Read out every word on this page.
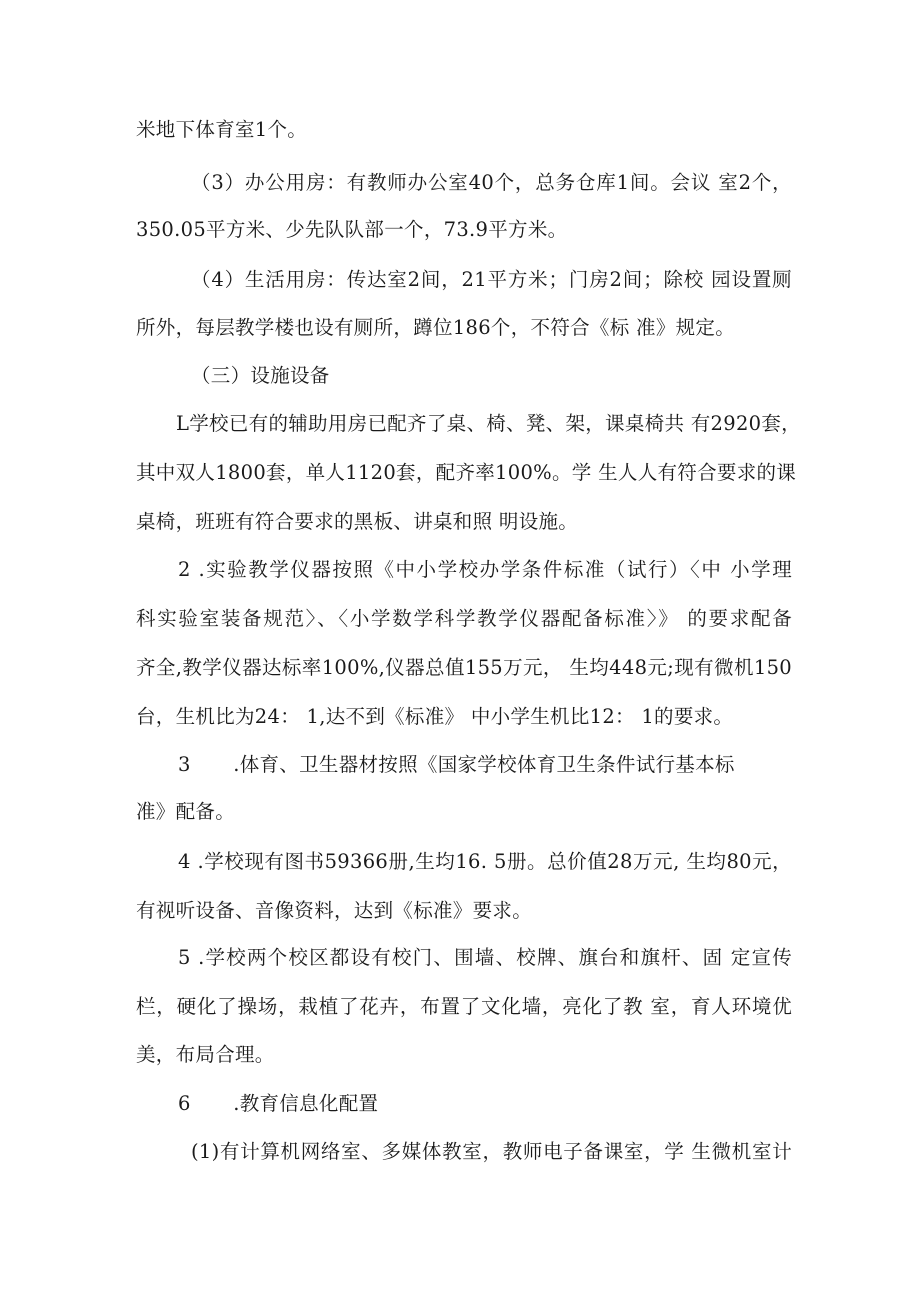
米地下体育室1个。
（3）办公用房：有教师办公室40个，总务仓库1间。会议 室2个，
350.05平方米、少先队队部一个，73.9平方米。
（4）生活用房：传达室2间，21平方米；门房2间；除校 园设置厕
所外，每层教学楼也设有厕所，蹲位186个，不符合《标 准》规定。
（三）设施设备
L学校已有的辅助用房已配齐了桌、椅、凳、架，课桌椅共 有2920套，
其中双人1800套，单人1120套，配齐率100%。学 生人人有符合要求的课
桌椅，班班有符合要求的黑板、讲桌和照 明设施。
2 .实验教学仪器按照《中小学校办学条件标准（试行）〈中 小学理
科实验室装备规范〉、〈小学数学科学教学仪器配备标准〉》 的要求配备
齐全,教学仪器达标率100%,仪器总值155万元， 生均448元;现有微机150
台，生机比为24： 1,达不到《标准》 中小学生机比12： 1的要求。
3 .体育、卫生器材按照《国家学校体育卫生条件试行基本标
准》配备。
4 .学校现有图书59366册,生均16. 5册。总价值28万元, 生均80元，
有视听设备、音像资料，达到《标准》要求。
5 .学校两个校区都设有校门、围墙、校牌、旗台和旗杆、固 定宣传
栏，硬化了操场，栽植了花卉，布置了文化墙，亮化了教 室，育人环境优
美，布局合理。
6 .教育信息化配置
(1)有计算机网络室、多媒体教室，教师电子备课室，学 生微机室计
